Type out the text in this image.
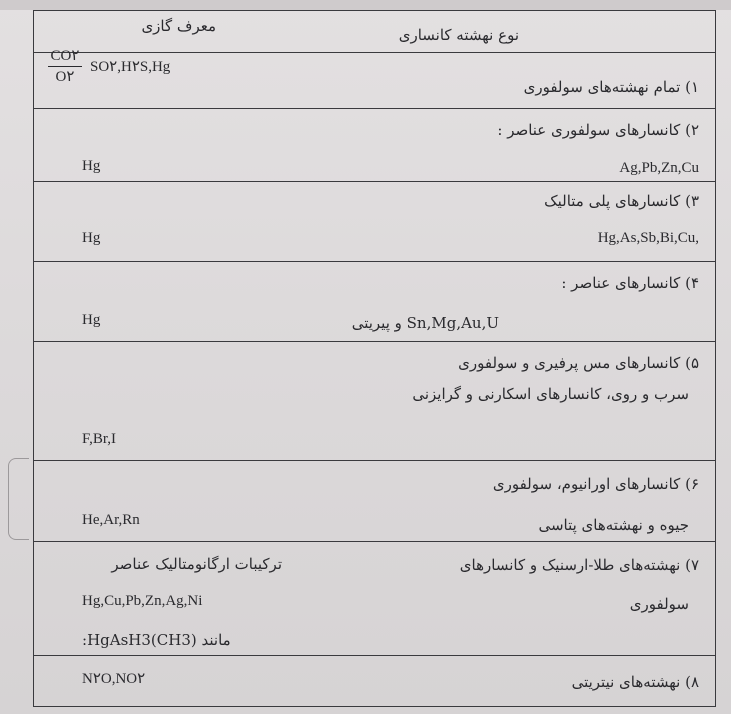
نوع نهشته کانساری
معرف گازی
$\frac{CO۲}{O۲}$ SO۲,H۲S,Hg
۱) تمام نهشته‌های سولفوری
۲) کانسارهای سولفوری عناصر :
Ag,Pb,Zn,Cu
Hg
۳) کانسارهای پلی متالیک
Hg,As,Sb,Bi,Cu,
Hg
۴) کانسارهای عناصر :
Sn,Mg,Au,U و پیریتی
Hg
۵) کانسارهای مس پرفیری و سولفوری
سرب و روی، کانسارهای اسکارنی و گرایزنی
F,Br,I
۶) کانسارهای اورانیوم، سولفوری
جیوه و نهشته‌های پتاسی
He,Ar,Rn
۷) نهشته‌های طلا-ارسنیک و کانسارهای
سولفوری
ترکیبات ارگانومتالیک عناصر
Hg,Cu,Pb,Zn,Ag,Ni
مانند (CH3)HgAsH3:
۸) نهشته‌های نیتریتی
N۲O,NO۲
